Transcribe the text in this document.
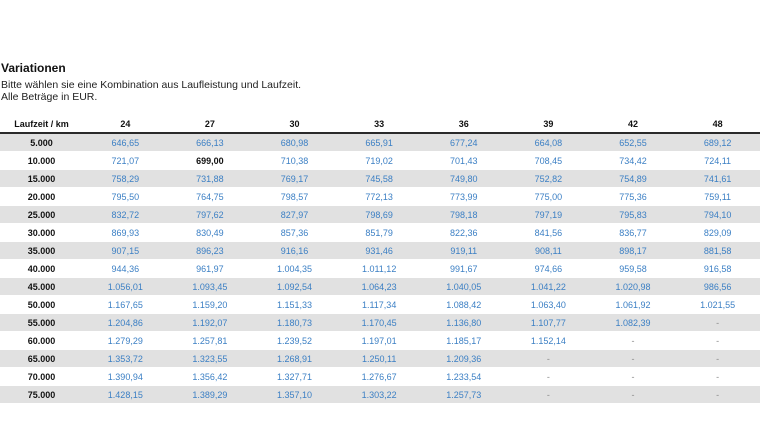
Variationen
Bitte wählen sie eine Kombination aus Laufleistung und Laufzeit.
Alle Beträge in EUR.
Laufzeit / km	24	27	30	33	36	39	42	48
5.000	646,65	666,13	680,98	665,91	677,24	664,08	652,55	689,12
10.000	721,07	699,00	710,38	719,02	701,43	708,45	734,42	724,11
15.000	758,29	731,88	769,17	745,58	749,80	752,82	754,89	741,61
20.000	795,50	764,75	798,57	772,13	773,99	775,00	775,36	759,11
25.000	832,72	797,62	827,97	798,69	798,18	797,19	795,83	794,10
30.000	869,93	830,49	857,36	851,79	822,36	841,56	836,77	829,09
35.000	907,15	896,23	916,16	931,46	919,11	908,11	898,17	881,58
40.000	944,36	961,97	1.004,35	1.011,12	991,67	974,66	959,58	916,58
45.000	1.056,01	1.093,45	1.092,54	1.064,23	1.040,05	1.041,22	1.020,98	986,56
50.000	1.167,65	1.159,20	1.151,33	1.117,34	1.088,42	1.063,40	1.061,92	1.021,55
55.000	1.204,86	1.192,07	1.180,73	1.170,45	1.136,80	1.107,77	1.082,39	-
60.000	1.279,29	1.257,81	1.239,52	1.197,01	1.185,17	1.152,14	-	-
65.000	1.353,72	1.323,55	1.268,91	1.250,11	1.209,36	-	-	-
70.000	1.390,94	1.356,42	1.327,71	1.276,67	1.233,54	-	-	-
75.000	1.428,15	1.389,29	1.357,10	1.303,22	1.257,73	-	-	-
